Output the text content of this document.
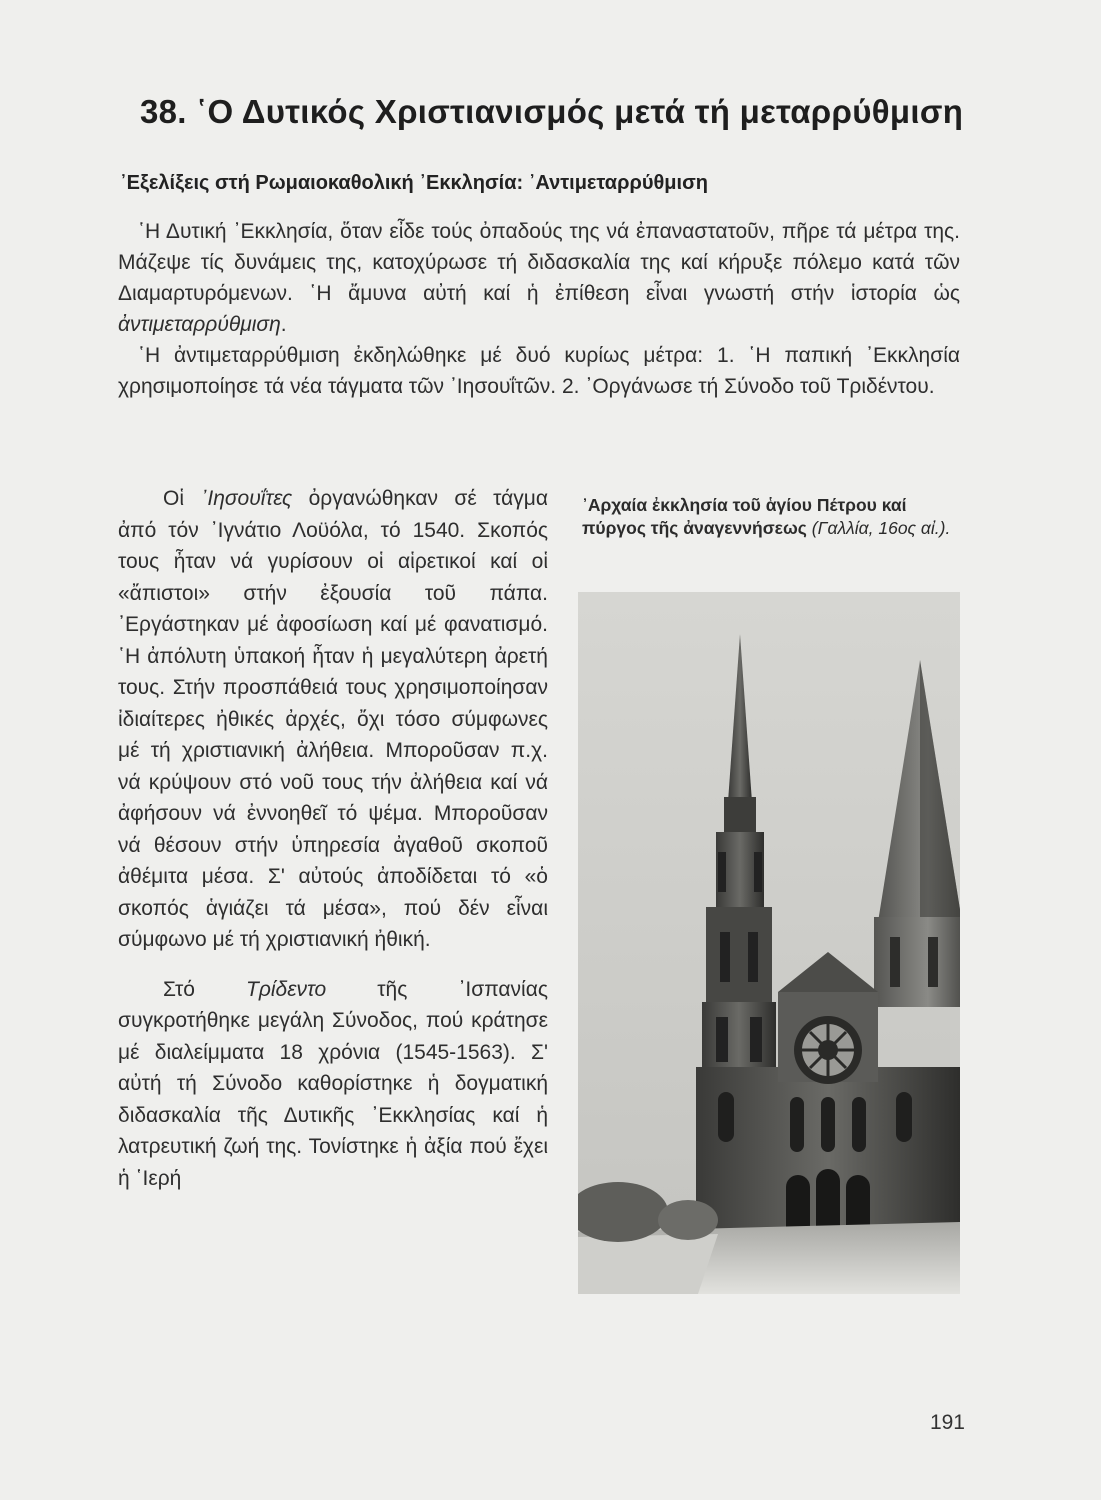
38. ῾Ο Δυτικός Χριστιανισμός μετά τή μεταρρύθμιση
᾿Εξελίξεις στή Ρωμαιοκαθολική ᾿Εκκλησία: ᾿Αντιμεταρρύθμιση

῾Η Δυτική ᾿Εκκλησία, ὅταν εἶδε τούς ὀπαδούς της νά ἐπαναστατοῦν, πῆρε τά μέτρα της. Μάζεψε τίς δυνάμεις της, κατοχύρωσε τή διδασκαλία της καί κήρυξε πόλεμο κατά τῶν Διαμαρτυρόμενων. ῾Η ἄμυνα αὐτή καί ἡ ἐπίθεση εἶναι γνωστή στήν ἱστορία ὡς ἀντιμεταρρύθμιση.

῾Η ἀντιμεταρρύθμιση ἐκδηλώθηκε μέ δυό κυρίως μέτρα: 1. ῾Η παπική ᾿Εκκλησία χρησιμοποίησε τά νέα τάγματα τῶν ᾿Ιησουΐτῶν. 2. ᾿Οργάνωσε τή Σύνοδο τοῦ Τριδέντου.

Οἱ ᾿Ιησουΐτες ὀργανώθηκαν σέ τάγμα ἀπό τόν ᾿Ιγνάτιο Λοϋόλα, τό 1540. Σκοπός τους ἦταν νά γυρίσουν οἱ αἱρετικοί καί οἱ «ἄπιστοι» στήν ἐξουσία τοῦ πάπα. ᾿Εργάστηκαν μέ ἀφοσίωση καί μέ φανατισμό. ῾Η ἀπόλυτη ὑπακοή ἦταν ἡ μεγαλύτερη ἀρετή τους. Στήν προσπάθειά τους χρησιμοποίησαν ἰδιαίτερες ἠθικές ἀρχές, ὄχι τόσο σύμφωνες μέ τή χριστιανική ἀλήθεια. Μποροῦσαν π.χ. νά κρύψουν στό νοῦ τους τήν ἀλήθεια καί νά ἀφήσουν νά ἐννοηθεῖ τό ψέμα. Μποροῦσαν νά θέσουν στήν ὑπηρεσία ἀγαθοῦ σκοποῦ ἀθέμιτα μέσα. Σ' αὐτούς ἀποδίδεται τό «ὁ σκοπός ἁγιάζει τά μέσα», πού δέν εἶναι σύμφωνο μέ τή χριστιανική ἠθική.

Στό Τρίδεντο τῆς ᾿Ισπανίας συγκροτήθηκε μεγάλη Σύνοδος, πού κράτησε μέ διαλείμματα 18 χρόνια (1545-1563). Σ' αὐτή τή Σύνοδο καθορίστηκε ἡ δογματική διδασκαλία τῆς Δυτικῆς ᾿Εκκλησίας καί ἡ λατρευτική ζωή της. Τονίστηκε ἡ ἀξία πού ἔχει ἡ ῾Ιερή

᾿Αρχαία ἐκκλησία τοῦ ἁγίου Πέτρου καί πύργος τῆς ἀναγεννήσεως (Γαλλία, 16ος αἰ.).
191
